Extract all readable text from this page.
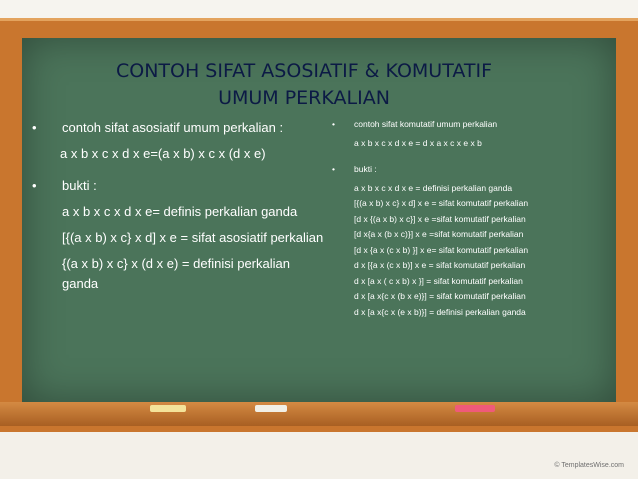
© TemplatesWise.com
CONTOH SIFAT ASOSIATIF & KOMUTATIF
UMUM PERKALIAN
• contoh sifat asosiatif umum perkalian :
a x b x c x d x e=(a x b) x c x (d x e)
• bukti :
a x b x c x d x e= definis perkalian ganda
[{(a x b) x c} x d] x e = sifat asosiatif perkalian
{(a x b) x c} x (d x e) = definisi perkalian ganda
• contoh sifat komutatif umum perkalian
a x b x c x d x e = d x a x c x e x b
• bukti :
a x b x c x d x e = definisi perkalian ganda
[{(a x b) x c} x d] x e = sifat komutatif perkalian
[d x {(a x b) x c}] x e =sifat komutatif perkalian
[d x{a x (b x c)}] x e =sifat komutatif perkalian
[d x {a x (c x b) }] x e= sifat komutatif perkalian
d x [{a x (c x b)] x e = sifat komutatif perkalian
d x [a x ( c x b) x }] = sifat komutatif perkalian
d x [a x{c x (b x e)}] = sifat komutatif perkalian
d x [a x{c x (e x b)}] = definisi perkalian ganda
